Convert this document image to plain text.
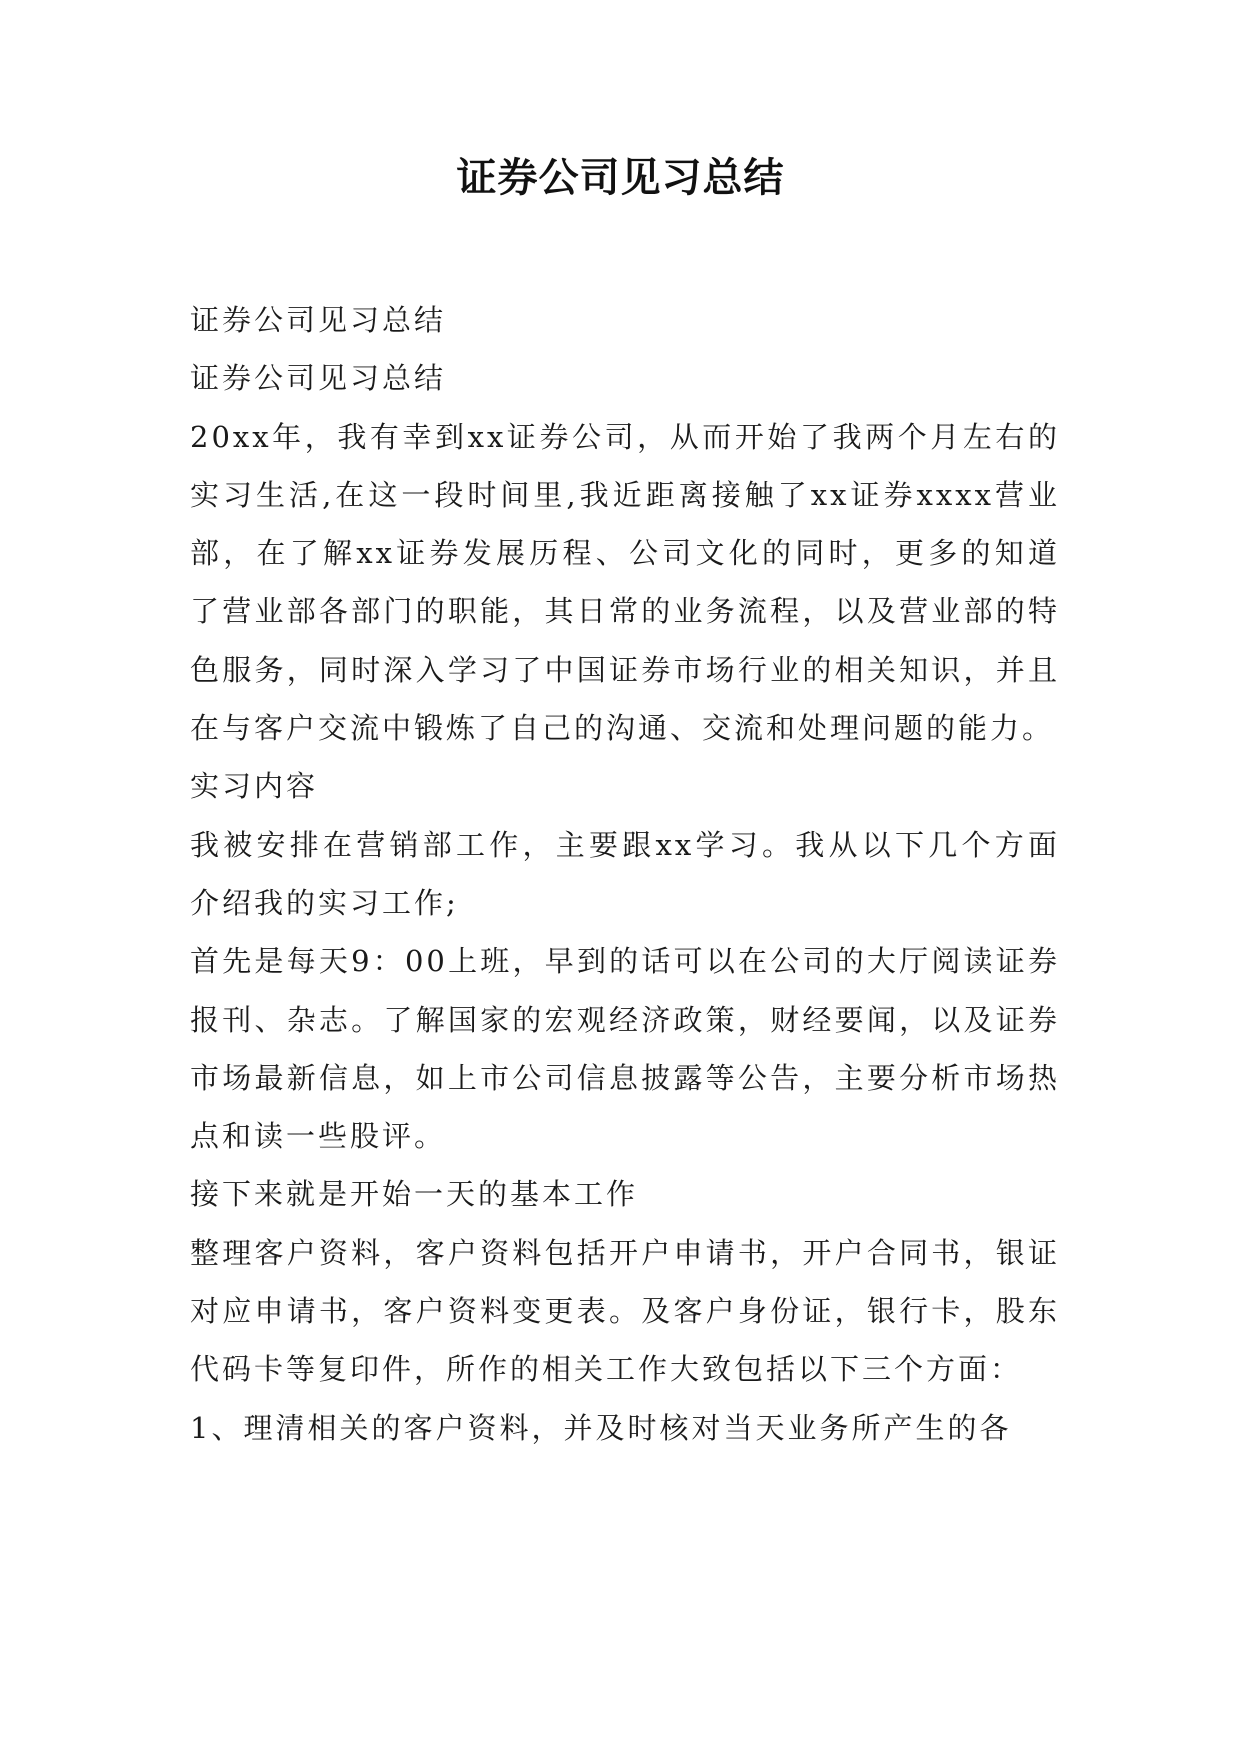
证券公司见习总结

证券公司见习总结

证券公司见习总结

20xx年，我有幸到xx证券公司，从而开始了我两个月左右的实习生活,在这一段时间里,我近距离接触了xx证券xxxx营业部，在了解xx证券发展历程、公司文化的同时，更多的知道了营业部各部门的职能，其日常的业务流程，以及营业部的特色服务，同时深入学习了中国证券市场行业的相关知识，并且在与客户交流中锻炼了自己的沟通、交流和处理问题的能力。

实习内容

我被安排在营销部工作，主要跟xx学习。我从以下几个方面介绍我的实习工作;

首先是每天9：00上班，早到的话可以在公司的大厅阅读证券报刊、杂志。了解国家的宏观经济政策，财经要闻，以及证券市场最新信息，如上市公司信息披露等公告，主要分析市场热点和读一些股评。

接下来就是开始一天的基本工作

整理客户资料，客户资料包括开户申请书，开户合同书，银证对应申请书，客户资料变更表。及客户身份证，银行卡，股东代码卡等复印件，所作的相关工作大致包括以下三个方面：

1、理清相关的客户资料，并及时核对当天业务所产生的各
